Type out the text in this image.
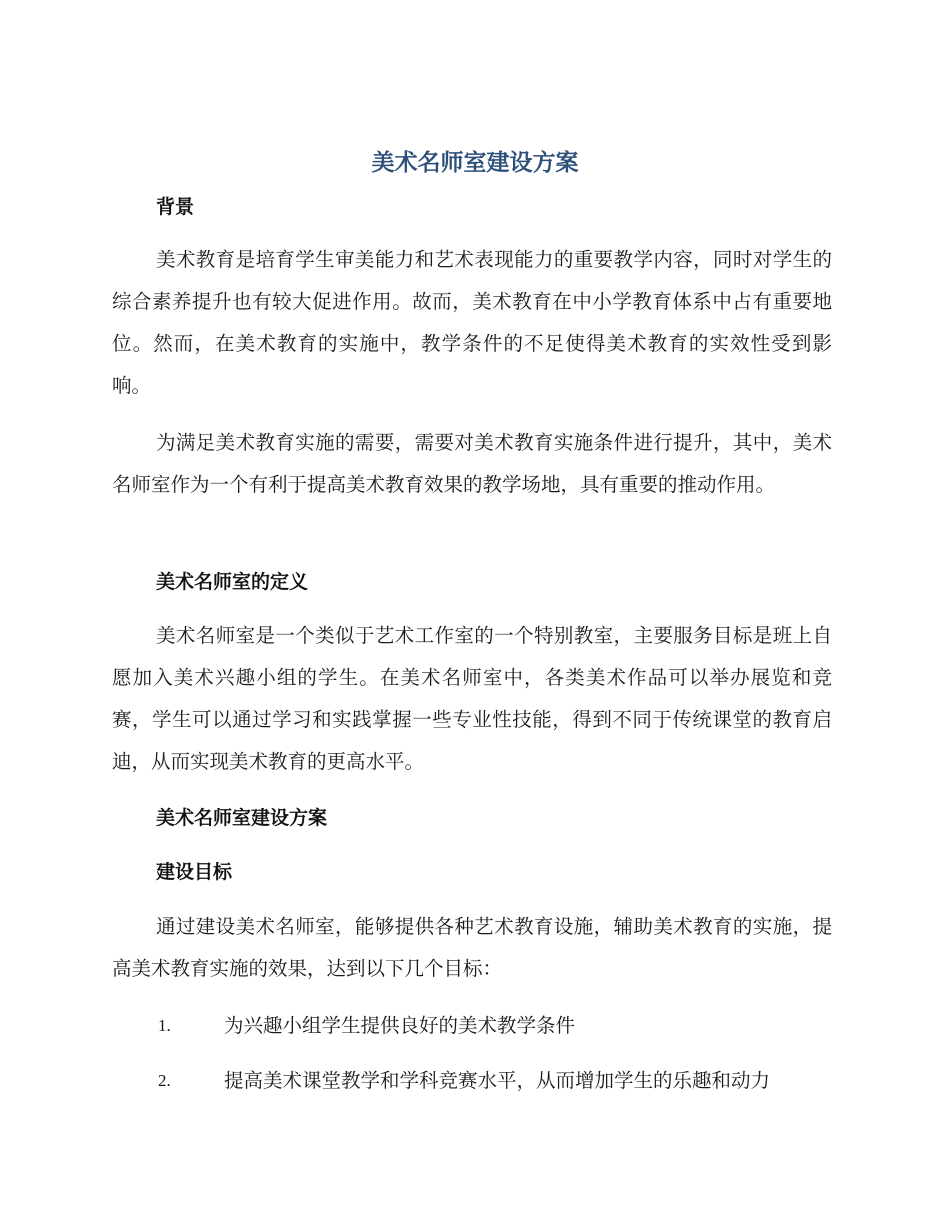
美术名师室建设方案
背景

美术教育是培育学生审美能力和艺术表现能力的重要教学内容，同时对学生的综合素养提升也有较大促进作用。故而，美术教育在中小学教育体系中占有重要地位。然而，在美术教育的实施中，教学条件的不足使得美术教育的实效性受到影响。

为满足美术教育实施的需要，需要对美术教育实施条件进行提升，其中，美术名师室作为一个有利于提高美术教育效果的教学场地，具有重要的推动作用。

美术名师室的定义

美术名师室是一个类似于艺术工作室的一个特别教室，主要服务目标是班上自愿加入美术兴趣小组的学生。在美术名师室中，各类美术作品可以举办展览和竞赛，学生可以通过学习和实践掌握一些专业性技能，得到不同于传统课堂的教育启迪，从而实现美术教育的更高水平。

美术名师室建设方案
建设目标

通过建设美术名师室，能够提供各种艺术教育设施，辅助美术教育的实施，提高美术教育实施的效果，达到以下几个目标：

1.	为兴趣小组学生提供良好的美术教学条件
2.	提高美术课堂教学和学科竞赛水平，从而增加学生的乐趣和动力
